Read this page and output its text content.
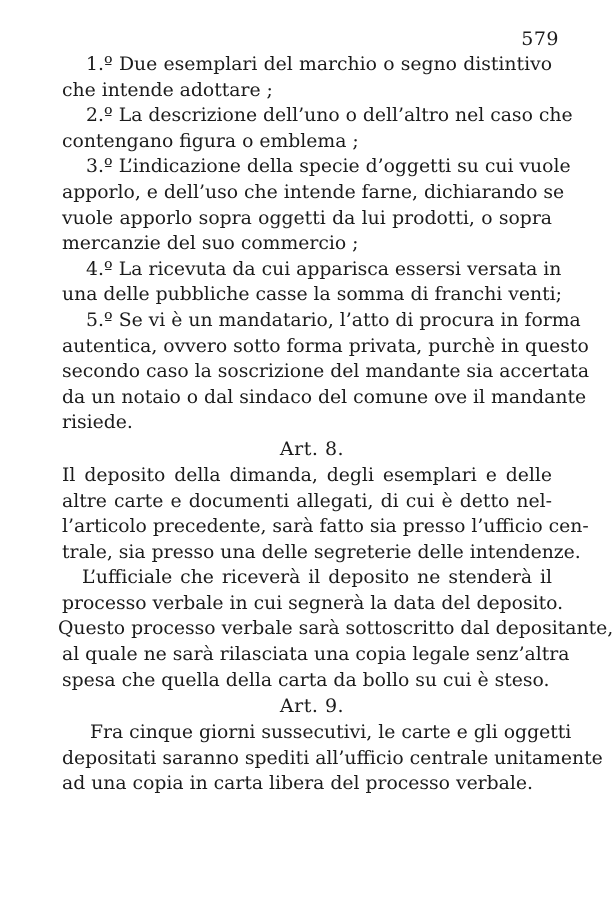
579
1.º Due esemplari del marchio o segno distintivo
che intende adottare ;
2.º La descrizione dell’uno o dell’altro nel caso che
contengano figura o emblema ;
3.º L’indicazione della specie d’oggetti su cui vuole
apporlo, e dell’uso che intende farne, dichiarando se
vuole apporlo sopra oggetti da lui prodotti, o sopra
mercanzie del suo commercio ;
4.º La ricevuta da cui apparisca essersi versata in
una delle pubbliche casse la somma di franchi venti;
5.º Se vi è un mandatario, l’atto di procura in forma
autentica, ovvero sotto forma privata, purchè in questo
secondo caso la soscrizione del mandante sia accertata
da un notaio o dal sindaco del comune ove il mandante
risiede.
Art. 8.
Il deposito della dimanda, degli esemplari e delle
altre carte e documenti allegati, di cui è detto nel-
l’articolo precedente, sarà fatto sia presso l’ufficio cen-
trale, sia presso una delle segreterie delle intendenze.
L’ufficiale che riceverà il deposito ne stenderà il
processo verbale in cui segnerà la data del deposito.
Questo processo verbale sarà sottoscritto dal depositante,
al quale ne sarà rilasciata una copia legale senz’altra
spesa che quella della carta da bollo su cui è steso.
Art. 9.
Fra cinque giorni sussecutivi, le carte e gli oggetti
depositati saranno spediti all’ufficio centrale unitamente
ad una copia in carta libera del processo verbale.
